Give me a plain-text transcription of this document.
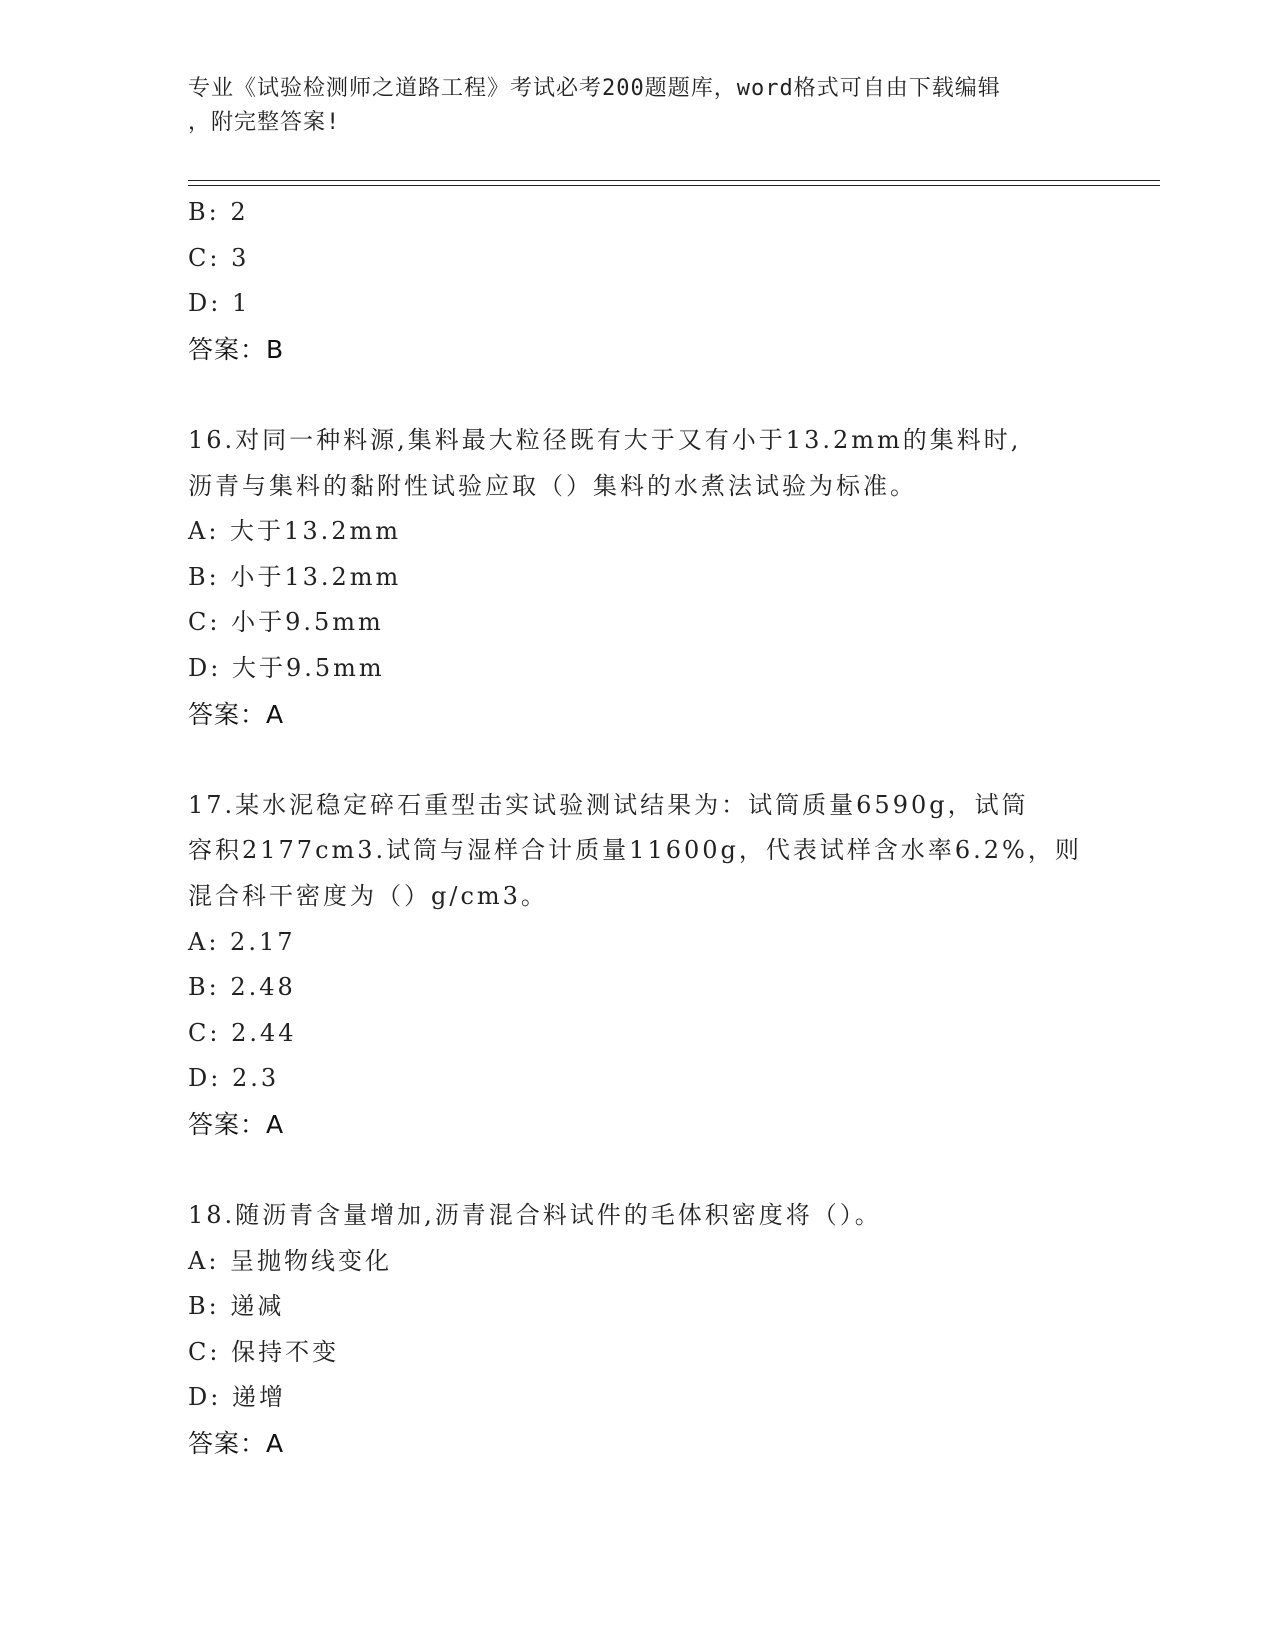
专业《试验检测师之道路工程》考试必考200题题库，word格式可自由下载编辑
，附完整答案!
B: 2
C: 3
D: 1
答案：B
16.对同一种料源,集料最大粒径既有大于又有小于13.2mm的集料时,
沥青与集料的黏附性试验应取（）集料的水煮法试验为标准。
A: 大于13.2mm
B: 小于13.2mm
C: 小于9.5mm
D: 大于9.5mm
答案：A
17.某水泥稳定碎石重型击实试验测试结果为：试筒质量6590g，试筒
容积2177cm3.试筒与湿样合计质量11600g，代表试样含水率6.2%，则
混合科干密度为（）g/cm3。
A: 2.17
B: 2.48
C: 2.44
D: 2.3
答案：A
18.随沥青含量增加,沥青混合料试件的毛体积密度将（）。
A: 呈抛物线变化
B: 递减
C: 保持不变
D: 递增
答案：A
